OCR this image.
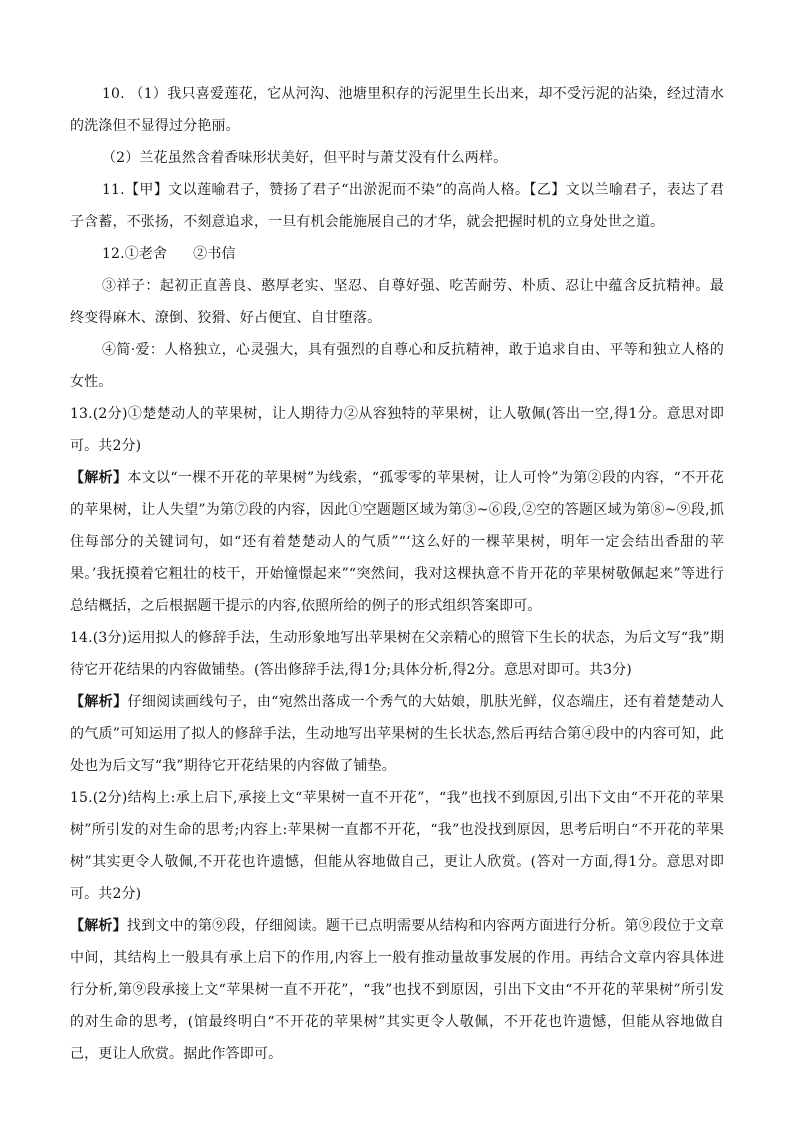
10. （1）我只喜爱莲花，它从河沟、池塘里积存的污泥里生长出来，却不受污泥的沾染，经过清水的洗涤但不显得过分艳丽。

（2）兰花虽然含着香味形状美好，但平时与萧艾没有什么两样。

11.【甲】文以莲喻君子，赞扬了君子“出淤泥而不染”的高尚人格。【乙】文以兰喻君子，表达了君子含蓄，不张扬，不刻意追求，一旦有机会能施展自己的才华，就会把握时机的立身处世之道。

12.①老舍 ②书信

③祥子：起初正直善良、憨厚老实、坚忍、自尊好强、吃苦耐劳、朴质、忍让中蕴含反抗精神。最终变得麻木、潦倒、狡猾、好占便宜、自甘堕落。

④简·爱：人格独立，心灵强大，具有强烈的自尊心和反抗精神，敢于追求自由、平等和独立人格的女性。

13.(2分)①楚楚动人的苹果树，让人期待力②从容独特的苹果树，让人敬佩(答出一空,得1分。意思对即可。共2分)

【解析】本文以“一棵不开花的苹果树”为线索，“孤零零的苹果树，让人可怜”为第②段的内容，“不开花的苹果树，让人失望”为第⑦段的内容，因此①空题题区域为第③~⑥段,②空的答题区域为第⑧~⑨段,抓住每部分的关键词句，如“还有着楚楚动人的气质”“‘这么好的一棵苹果树，明年一定会结出香甜的苹果。’我抚摸着它粗壮的枝干，开始憧憬起来”“突然间，我对这棵执意不肯开花的苹果树敬佩起来”等进行总结概括，之后根据题干提示的内容,依照所给的例子的形式组织答案即可。

14.(3分)运用拟人的修辞手法，生动形象地写出苹果树在父亲精心的照管下生长的状态，为后文写“我”期待它开花结果的内容做铺垫。(答出修辞手法,得1分;具体分析,得2分。意思对即可。共3分)

【解析】仔细阅读画线句子，由“宛然出落成一个秀气的大姑娘，肌肤光鲜，仪态端庄，还有着楚楚动人的气质”可知运用了拟人的修辞手法，生动地写出苹果树的生长状态,然后再结合第④段中的内容可知，此处也为后文写“我”期待它开花结果的内容做了铺垫。

15.(2分)结构上:承上启下,承接上文“苹果树一直不开花”，“我”也找不到原因,引出下文由“不开花的苹果树”所引发的对生命的思考;内容上:苹果树一直都不开花，“我”也没找到原因，思考后明白“不开花的苹果树”其实更令人敬佩,不开花也许遗憾，但能从容地做自己，更让人欣赏。(答对一方面,得1分。意思对即可。共2分)

【解析】找到文中的第⑨段，仔细阅读。题干已点明需要从结构和内容两方面进行分析。第⑨段位于文章中间，其结构上一般具有承上启下的作用,内容上一般有推动量故事发展的作用。再结合文章内容具体进行分析,第⑨段承接上文“苹果树一直不开花”，“我”也找不到原因，引出下文由“不开花的苹果树”所引发的对生命的思考，(馆最终明白“不开花的苹果树”其实更令人敬佩，不开花也许遗憾，但能从容地做自己，更让人欣赏。据此作答即可。
